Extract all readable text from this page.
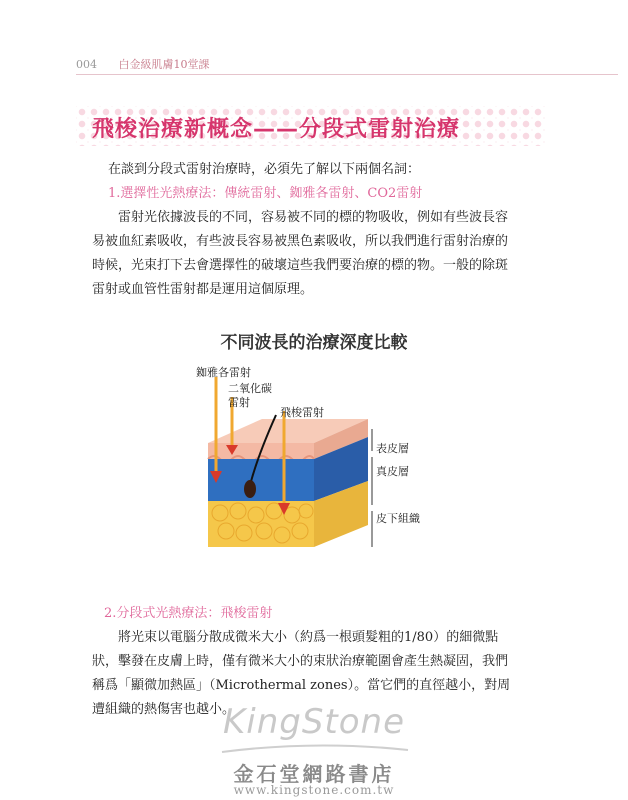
004 白金級肌膚10堂課
飛梭治療新概念——分段式雷射治療
在談到分段式雷射治療時，必須先了解以下兩個名詞：
1.選擇性光熱療法：傳統雷射、銣雅各雷射、CO2雷射
雷射光依據波長的不同，容易被不同的標的物吸收，例如有些波長容
易被血紅素吸收，有些波長容易被黑色素吸收，所以我們進行雷射治療的
時候，光束打下去會選擇性的破壞這些我們要治療的標的物。一般的除斑
雷射或血管性雷射都是運用這個原理。
不同波長的治療深度比較
銣雅各雷射
二氧化碳
雷射
飛梭雷射
表皮層
真皮層
皮下組織
2.分段式光熱療法：飛梭雷射
將光束以電腦分散成微米大小（約爲一根頭髮粗的1/80）的細微點
狀，擊發在皮膚上時，僅有微米大小的束狀治療範圍會產生熱凝固，我們
稱爲「顯微加熱區」（Microthermal zones）。當它們的直徑越小，對周
遭組織的熱傷害也越小。
KingStone
金石堂網路書店
www.kingstone.com.tw
